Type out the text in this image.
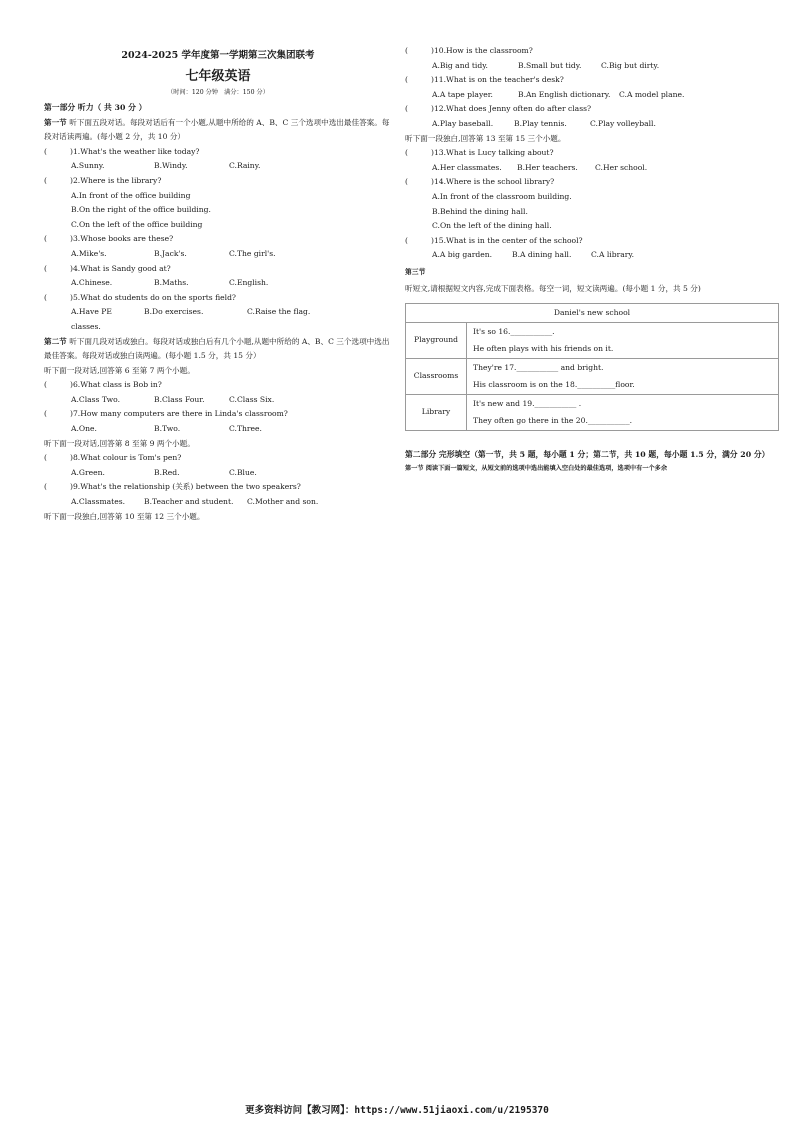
2024-2025 学年度第一学期第三次集团联考
七年级英语
（时间：120 分钟　满分：150 分）
第一部分 听力（ 共 30 分 ）
第一节 听下面五段对话。每段对话后有一个小题,从题中所给的 A、B、C 三个选项中选出最佳答案。每段对话读两遍。(每小题 2 分，共 10 分）
(	)1.What's the weather like today?
A.Sunny.	B.Windy.	C.Rainy.
(	)2.Where is the library?
A.In front of the office building
B.On the right of the office building.
C.On the left of the office building
(	)3.Whose books are these?
A.Mike's.	B.Jack's.	C.The girl's.
(	)4.What is Sandy good at?
A.Chinese.	B.Maths.	C.English.
(	)5.What do students do on the sports field?
A.Have PE classes.
B.Do exercises.	C.Raise the flag.
第二节 听下面几段对话或独白。每段对话或独白后有几个小题,从题中所给的 A、B、C 三个选项中选出最佳答案。每段对话或独白读两遍。(每小题 1.5 分，共 15 分）
听下面一段对话,回答第 6 至第 7 两个小题。
(	)6.What class is Bob in?
A.Class Two.	B.Class Four.	C.Class Six.
(	)7.How many computers are there in Linda's classroom?
A.One.	B.Two.	C.Three.
听下面一段对话,回答第 8 至第 9 两个小题。
(	)8.What colour is Tom's pen?
A.Green.	B.Red.	C.Blue.
(	)9.What's the relationship (关系) between the two speakers?
A.Classmates.	B.Teacher and student.	C.Mother and son.
听下面一段独白,回答第 10 至第 12 三个小题。
(	)10.How is the classroom?
A.Big and tidy.	B.Small but tidy.	C.Big but dirty.
(	)11.What is on the teacher's desk?
A.A tape player.	B.An English dictionary.	C.A model plane.
(	)12.What does Jenny often do after class?
A.Play baseball.	B.Play tennis.	C.Play volleyball.
听下面一段独白,回答第 13 至第 15 三个小题。
(	)13.What is Lucy talking about?
A.Her classmates.	B.Her teachers.	C.Her school.
(	)14.Where is the school library?
A.In front of the classroom building.
B.Behind the dining hall.
C.On the left of the dining hall.
(	)15.What is in the center of the school?
A.A big garden.	B.A dining hall.	C.A library.
第三节
听短文,请根据短文内容,完成下面表格。每空一词，短文读两遍。(每小题 1 分，共 5 分)
Daniel's new school	
Playground	It's so 16.___________.
He often plays with his friends on it.

Classrooms	They're 17.___________ and bright.
His classroom is on the 18.__________floor.

Library	It's new and 19.___________ .
They often go there in the 20.___________.
第二部分 完形填空（第一节，共 5 题，每小题 1 分；第二节，共 10 题，每小题 1.5 分，满分 20 分）
第一节 阅读下面一篇短文，从短文前的选项中选出能填入空白处的最佳选项，选项中有一个多余
更多资料访问【教习网】：https://www.51jiaoxi.com/u/2195370
